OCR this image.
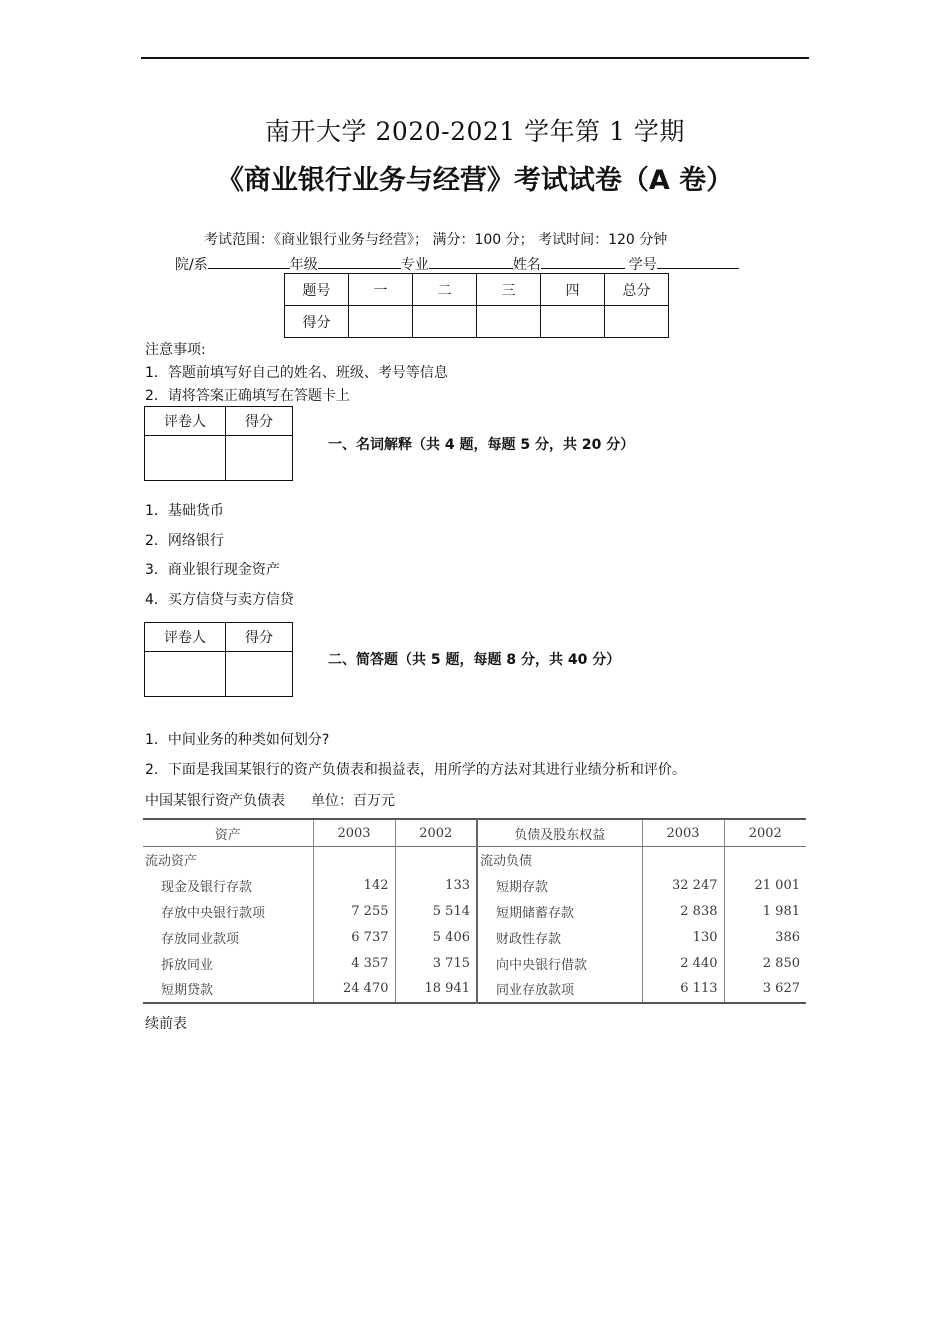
南开大学 2020-2021 学年第 1 学期
《商业银行业务与经营》考试试卷（A 卷）
考试范围：《商业银行业务与经营》； 满分：100 分； 考试时间：120 分钟
院/系	年级	专业	姓名	学号
题号	一	二	三	四	总分
得分					
注意事项:
1．答题前填写好自己的姓名、班级、考号等信息
2．请将答案正确填写在答题卡上
评卷人	得分

一、名词解释（共 4 题，每题 5 分，共 20 分）
1．基础货币
2．网络银行
3．商业银行现金资产
4．买方信贷与卖方信贷
评卷人	得分

二、简答题（共 5 题，每题 8 分，共 40 分）
1．中间业务的种类如何划分?
2．下面是我国某银行的资产负债表和损益表，用所学的方法对其进行业绩分析和评价。
中国某银行资产负债表 单位：百万元
资产	2003	2002	负债及股东权益	2003	2002
流动资产			流动负债		
现金及银行存款	142	133	短期存款	32 247	21 001
存放中央银行款项	7 255	5 514	短期储蓄存款	2 838	1 981
存放同业款项	6 737	5 406	财政性存款	130	386
拆放同业	4 357	3 715	向中央银行借款	2 440	2 850
短期贷款	24 470	18 941	同业存放款项	6 113	3 627
续前表
